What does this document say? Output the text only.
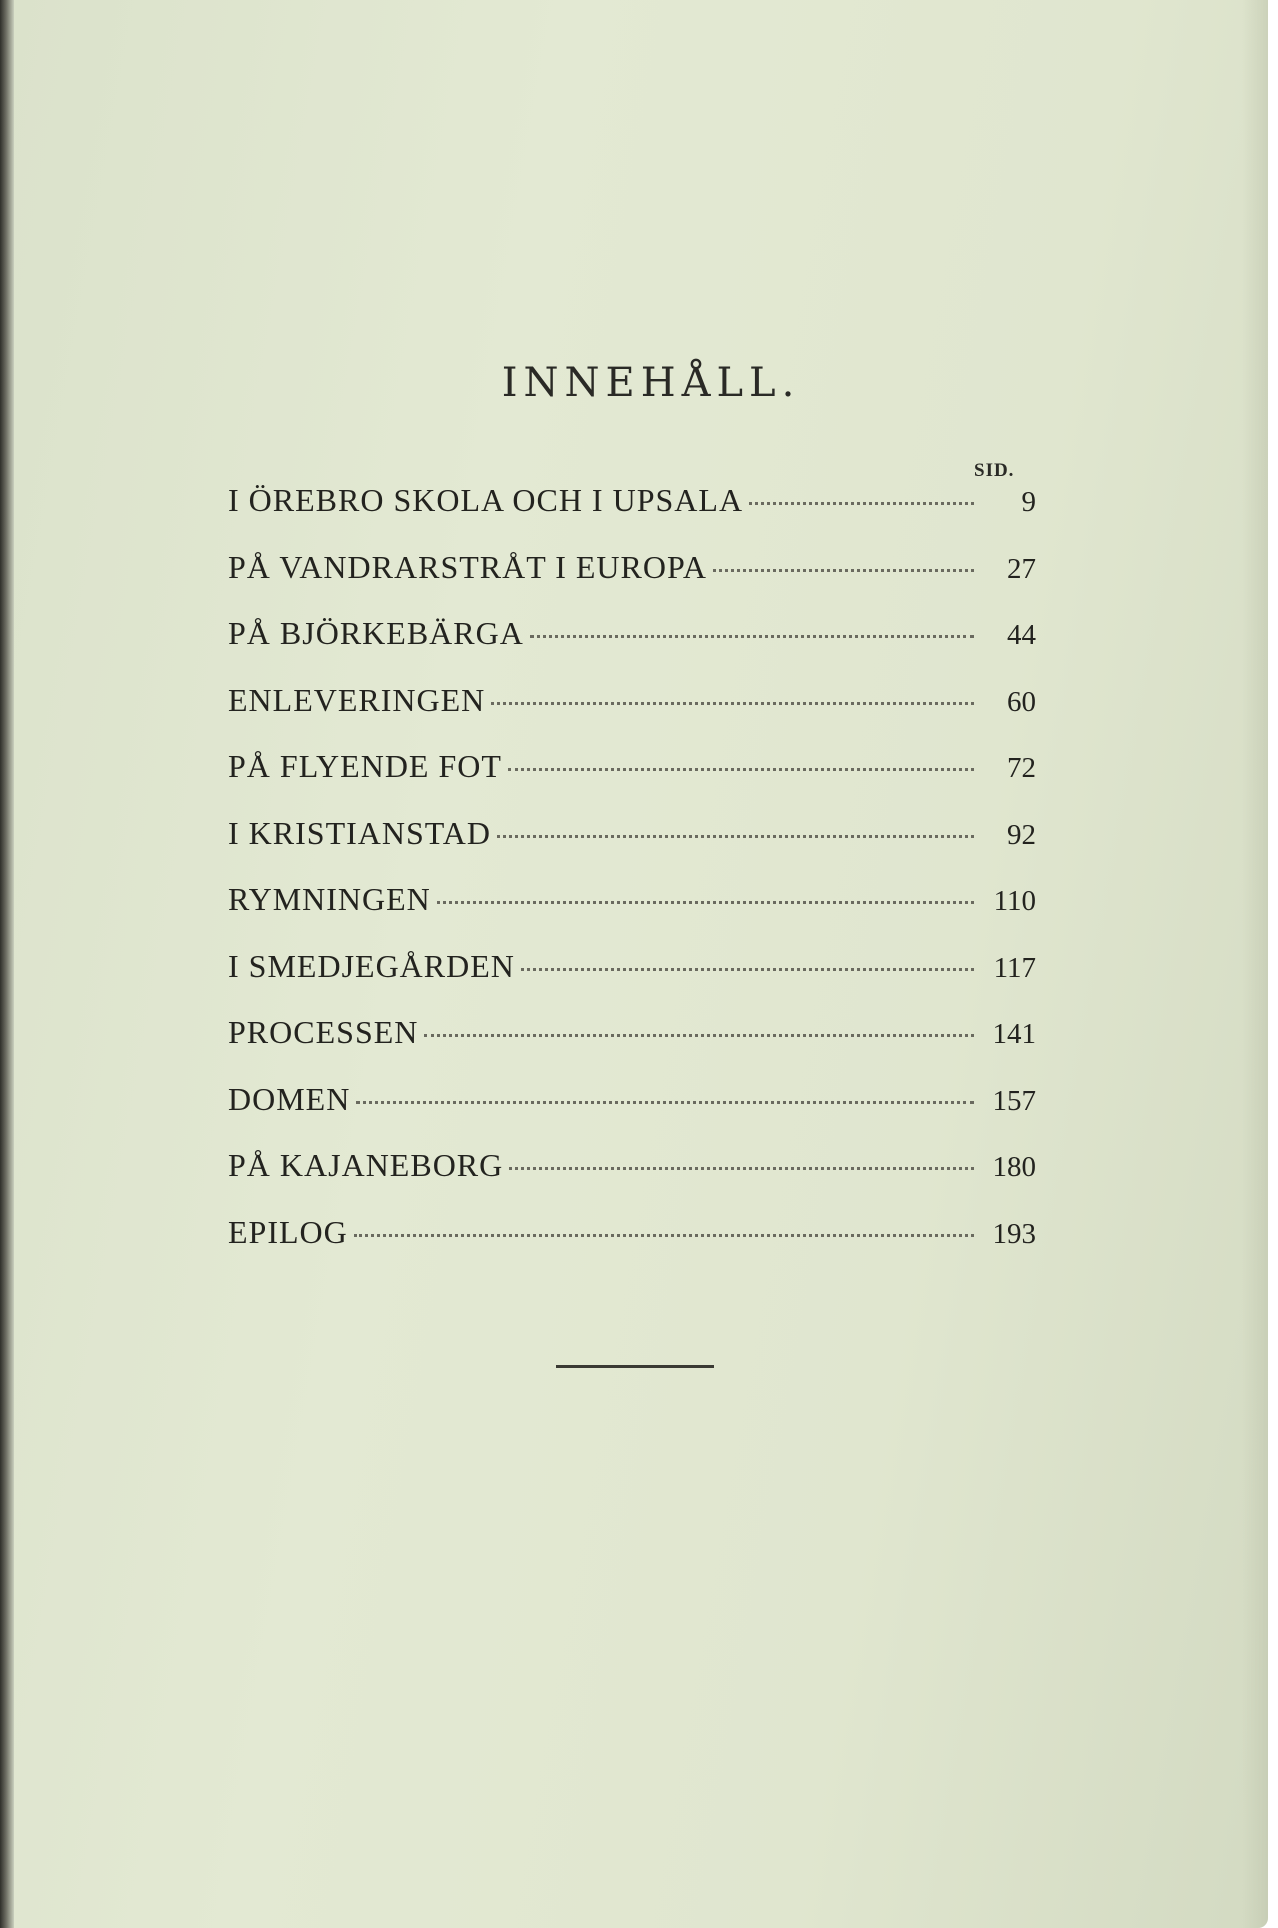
INNEHÅLL.
SID.
I ÖREBRO SKOLA OCH I UPSALA	9
PÅ VANDRARSTRÅT I EUROPA	27
PÅ BJÖRKEBÄRGA	44
ENLEVERINGEN	60
PÅ FLYENDE FOT	72
I KRISTIANSTAD	92
RYMNINGEN	110
I SMEDJEGÅRDEN	117
PROCESSEN	141
DOMEN	157
PÅ KAJANEBORG	180
EPILOG	193
